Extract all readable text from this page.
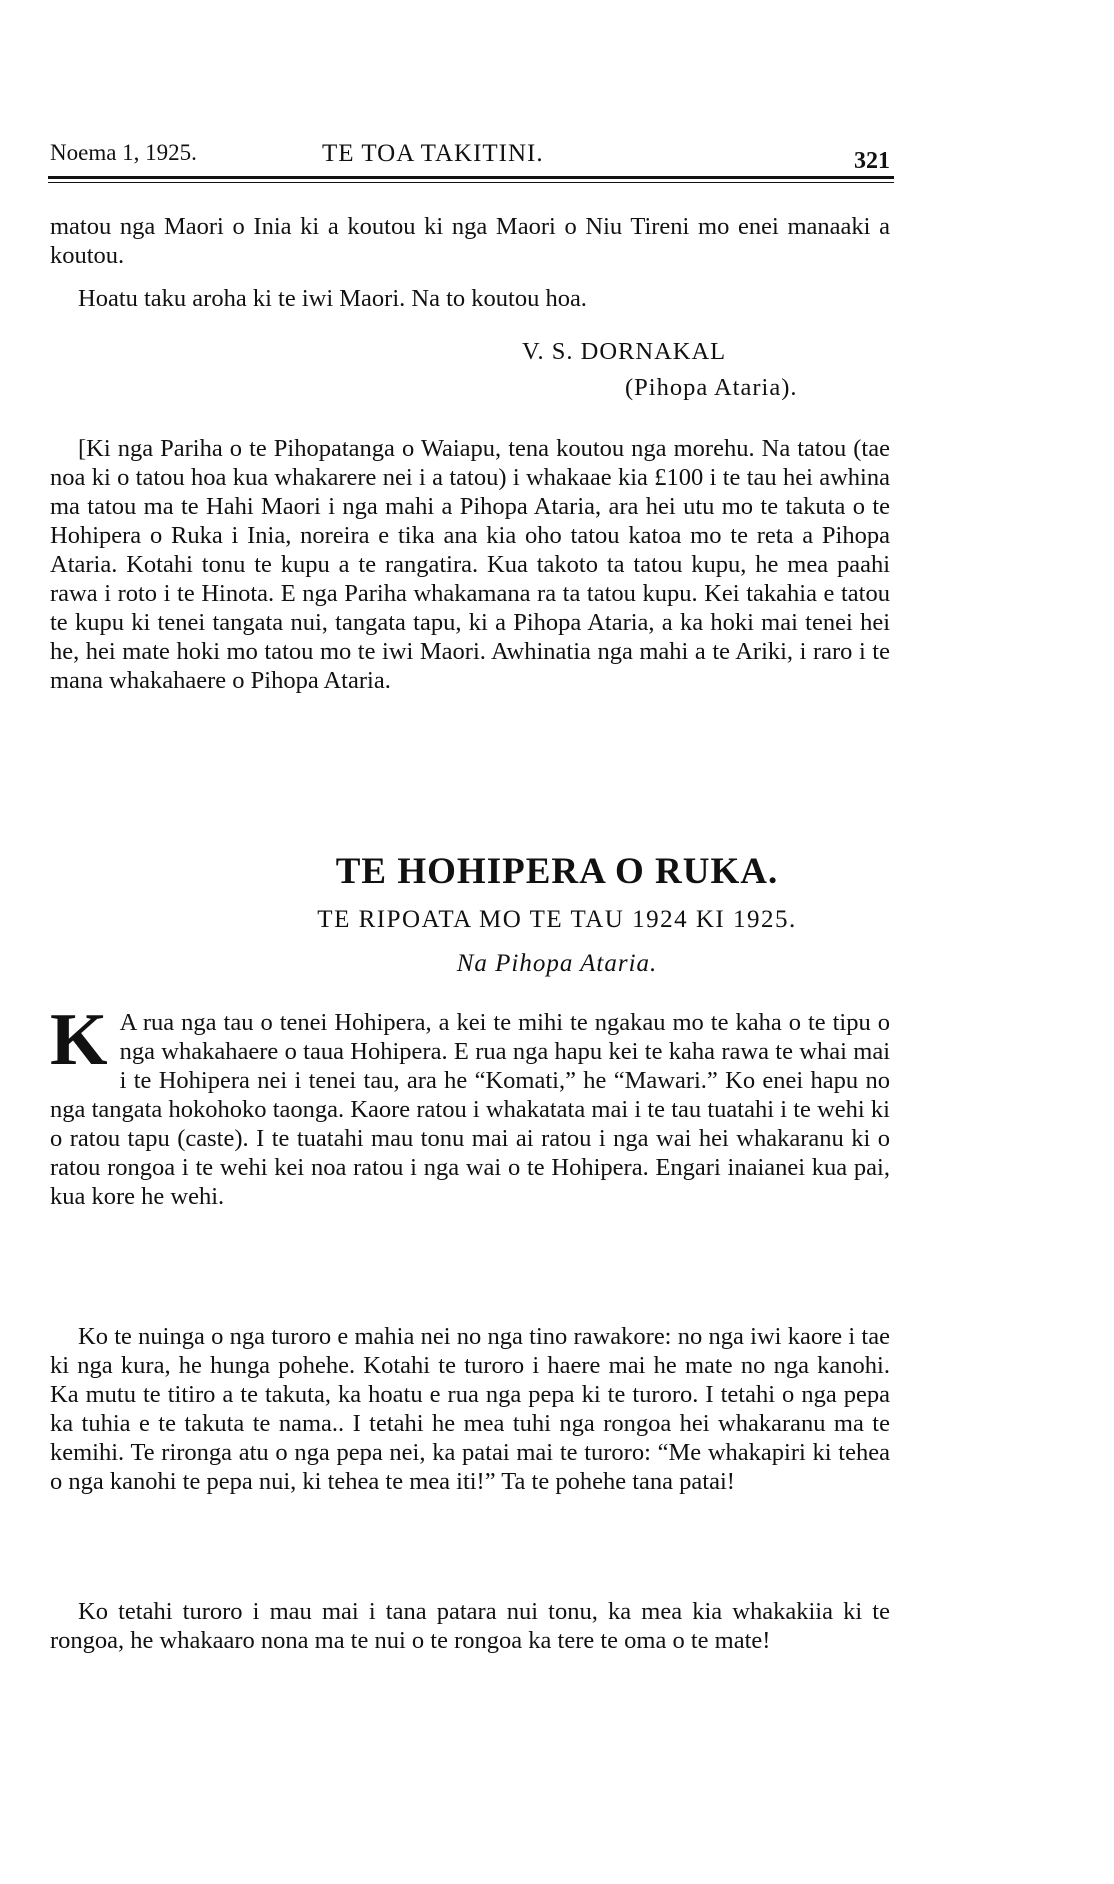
Noema 1, 1925.	TE TOA TAKITINI.	321
matou nga Maori o Inia ki a koutou ki nga Maori o Niu Tireni mo enei manaaki a koutou.
Hoatu taku aroha ki te iwi Maori. Na to koutou hoa.
V. S. DORNAKAL
(Pihopa Ataria).
[Ki nga Pariha o te Pihopatanga o Waiapu, tena koutou nga morehu. Na tatou (tae noa ki o tatou hoa kua whakarere nei i a tatou) i whakaae kia £100 i te tau hei awhina ma tatou ma te Hahi Maori i nga mahi a Pihopa Ataria, ara hei utu mo te takuta o te Hohipera o Ruka i Inia, noreira e tika ana kia oho tatou katoa mo te reta a Pihopa Ataria. Kotahi tonu te kupu a te rangatira. Kua takoto ta tatou kupu, he mea paahi rawa i roto i te Hinota. E nga Pariha whakamana ra ta tatou kupu. Kei takahia e tatou te kupu ki tenei tangata nui, tangata tapu, ki a Pihopa Ataria, a ka hoki mai tenei hei he, hei mate hoki mo tatou mo te iwi Maori. Awhinatia nga mahi a te Ariki, i raro i te mana whakahaere o Pihopa Ataria.
TE HOHIPERA O RUKA.
TE RIPOATA MO TE TAU 1924 KI 1925.
Na Pihopa Ataria.
K A rua nga tau o tenei Hohipera, a kei te mihi te ngakau mo te kaha o te tipu o nga whakahaere o taua Hohipera. E rua nga hapu kei te kaha rawa te whai mai i te Hohipera nei i tenei tau, ara he “Komati,” he “Mawari.” Ko enei hapu no nga tangata hokohoko taonga. Kaore ratou i whakatata mai i te tau tuatahi i te wehi ki o ratou tapu (caste). I te tuatahi mau tonu mai ai ratou i nga wai hei whakaranu ki o ratou rongoa i te wehi kei noa ratou i nga wai o te Hohipera. Engari inaianei kua pai, kua kore he wehi.
Ko te nuinga o nga turoro e mahia nei no nga tino rawakore: no nga iwi kaore i tae ki nga kura, he hunga pohehe. Kotahi te turoro i haere mai he mate no nga kanohi. Ka mutu te titiro a te takuta, ka hoatu e rua nga pepa ki te turoro. I tetahi o nga pepa ka tuhia e te takuta te nama.. I tetahi he mea tuhi nga rongoa hei whakaranu ma te kemihi. Te rironga atu o nga pepa nei, ka patai mai te turoro: “Me whakapiri ki tehea o nga kanohi te pepa nui, ki tehea te mea iti!” Ta te pohehe tana patai!
Ko tetahi turoro i mau mai i tana patara nui tonu, ka mea kia whakakiia ki te rongoa, he whakaaro nona ma te nui o te rongoa ka tere te oma o te mate!
